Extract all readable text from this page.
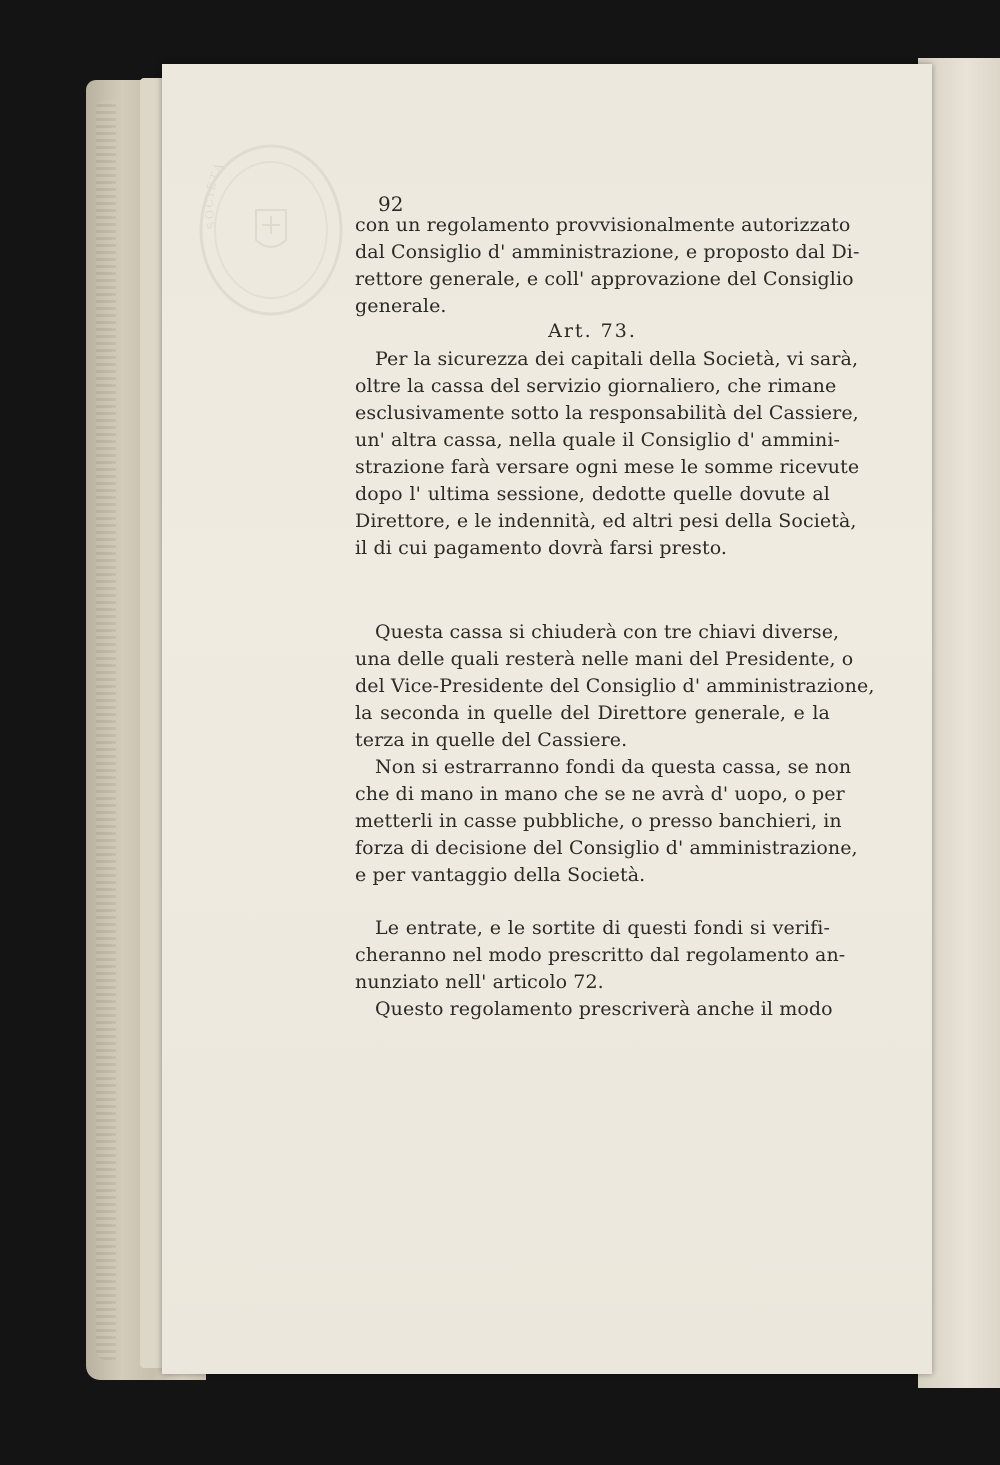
SOCIETÀ
92
con un regolamento provvisionalmente autorizzato
dal Consiglio d' amministrazione, e proposto dal Di-
rettore generale, e coll' approvazione del Consiglio
generale.
Art. 73.
Per la sicurezza dei capitali della Società, vi sarà,
oltre la cassa del servizio giornaliero, che rimane
esclusivamente sotto la responsabilità del Cassiere,
un' altra cassa, nella quale il Consiglio d' ammini-
strazione farà versare ogni mese le somme ricevute
dopo l' ultima sessione, dedotte quelle dovute al
Direttore, e le indennità, ed altri pesi della Società,
il di cui pagamento dovrà farsi presto.
Questa cassa si chiuderà con tre chiavi diverse,
una delle quali resterà nelle mani del Presidente, o
del Vice-Presidente del Consiglio d' amministrazione,
la seconda in quelle del Direttore generale, e la
terza in quelle del Cassiere.
Non si estrarranno fondi da questa cassa, se non
che di mano in mano che se ne avrà d' uopo, o per
metterli in casse pubbliche, o presso banchieri, in
forza di decisione del Consiglio d' amministrazione,
e per vantaggio della Società.
Le entrate, e le sortite di questi fondi si verifi-
cheranno nel modo prescritto dal regolamento an-
nunziato nell' articolo 72.
Questo regolamento prescriverà anche il modo
